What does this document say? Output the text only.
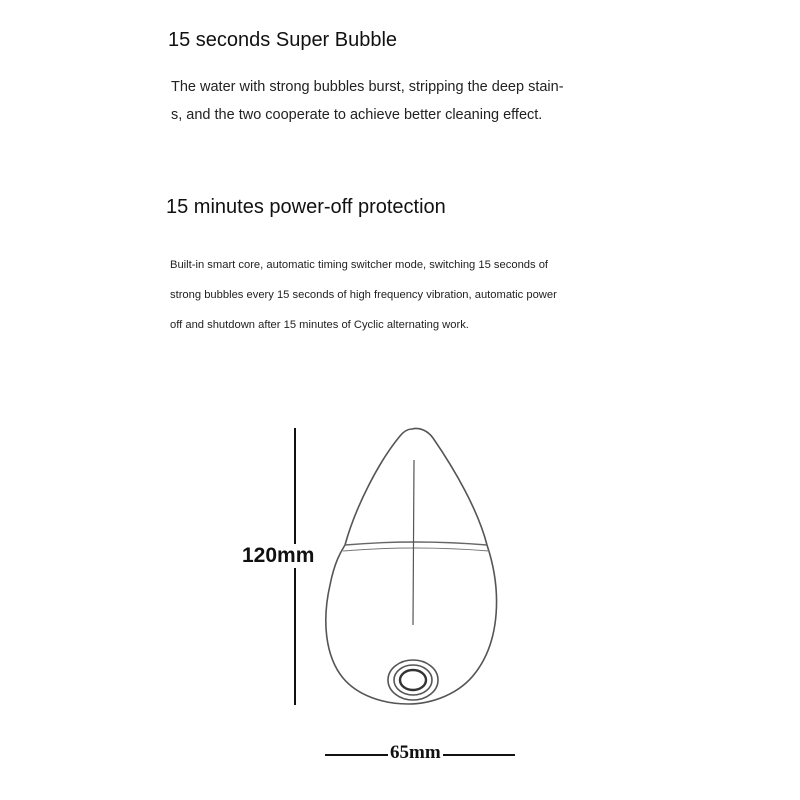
15 seconds Super Bubble

The water with strong bubbles burst, stripping the deep stain-
s, and the two cooperate to achieve better cleaning effect.

15 minutes power-off protection

Built-in smart core, automatic timing switcher mode, switching 15 seconds of
strong bubbles every 15 seconds of high frequency vibration, automatic power
off and shutdown after 15 minutes of Cyclic alternating work.

120mm
65mm
